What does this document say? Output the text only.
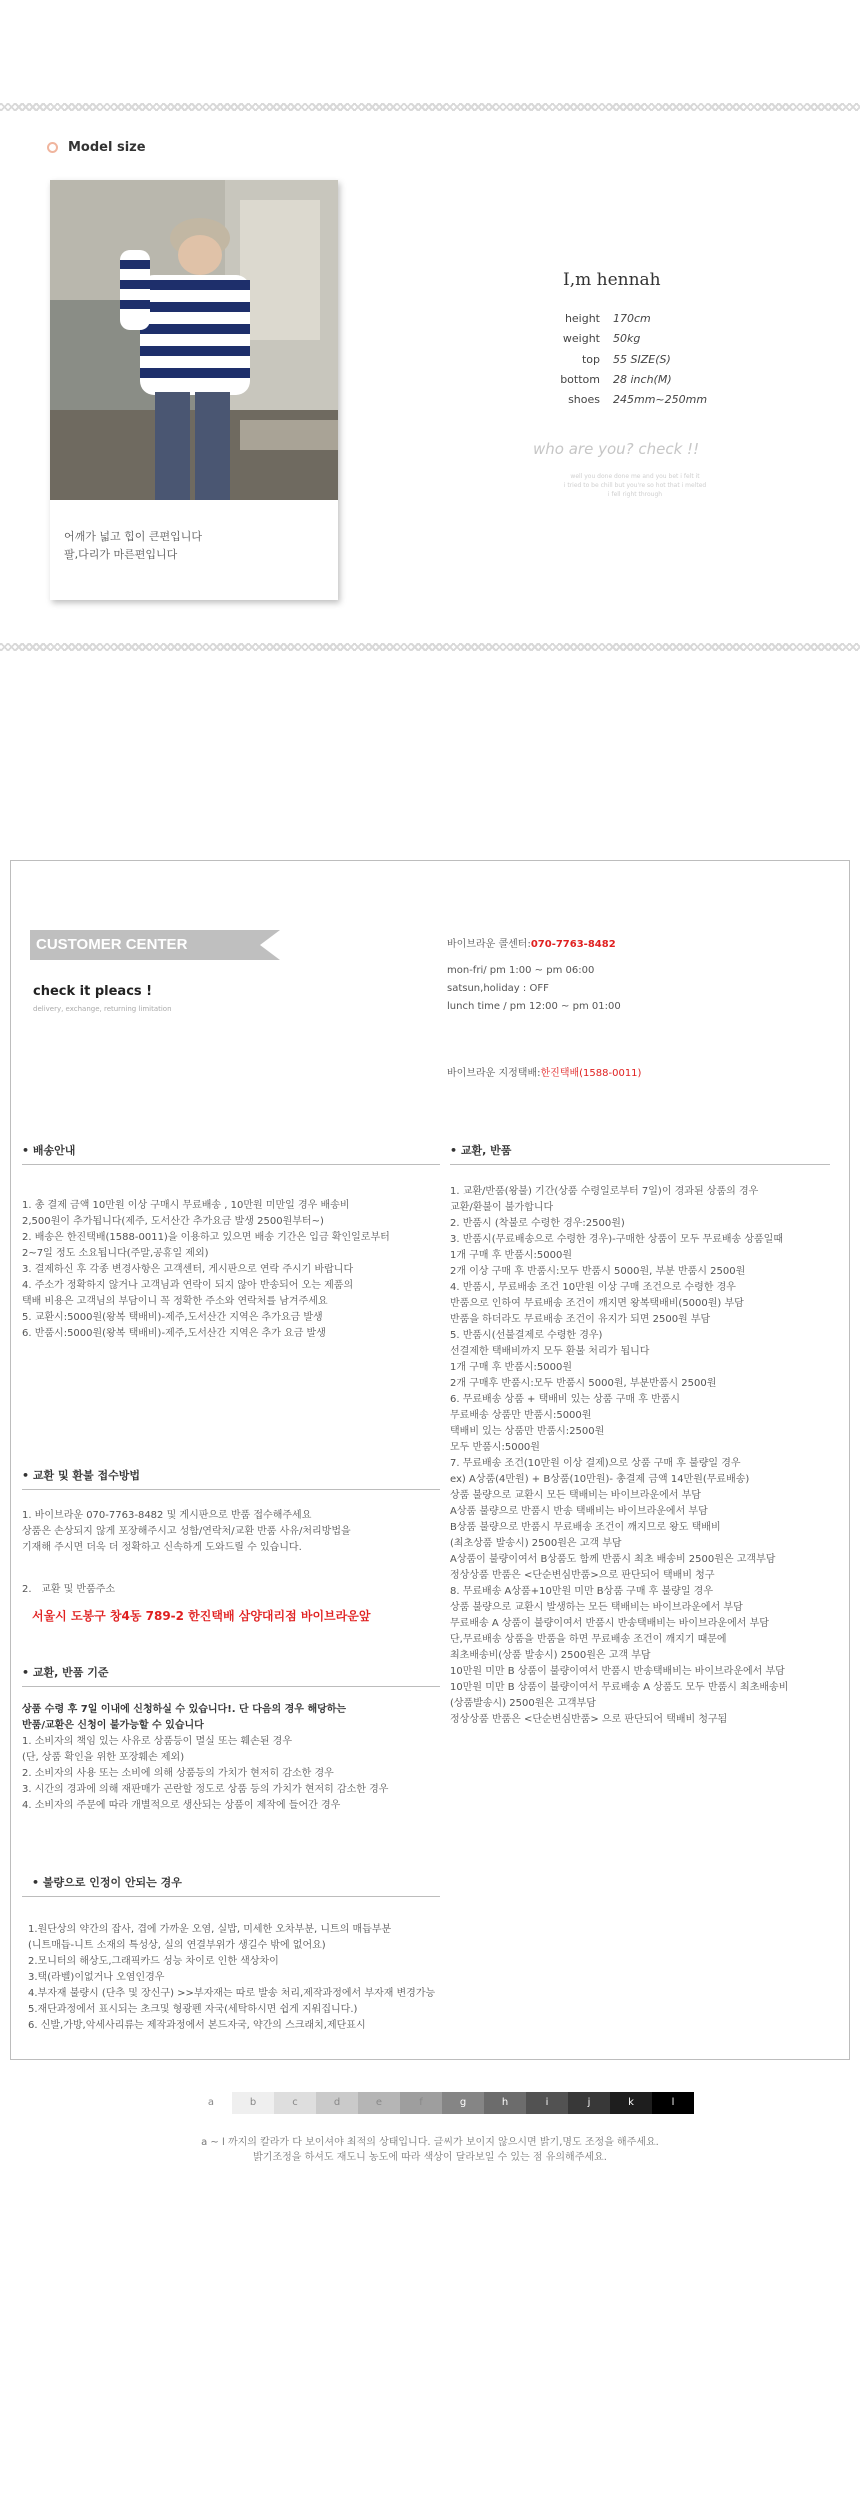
Model size
어깨가 넓고 힙이 큰편입니다
팔,다리가 마른편입니다
I,m hennah
height 170cm
weight 50kg
top 55 SIZE(S)
bottom 28 inch(M)
shoes 245mm~250mm
who are you? check !!
well you done done me and you bet i felt it
i tried to be chill but you're so hot that i melted
i fell right through
CUSTOMER CENTER
check it pleacs !
delivery, exchange, returning limitation
바이브라운 콜센터:070-7763-8482
mon-fri/ pm 1:00 ~ pm 06:00
satsun,holiday : OFF
lunch time / pm 12:00 ~ pm 01:00
바이브라운 지정택배:한진택배(1588-0011)
• 배송안내
1. 총 결제 금액 10만원 이상 구매시 무료배송 , 10만원 미만일 경우 배송비
2,500원이 추가됩니다(제주, 도서산간 추가요금 발생 2500원부터~)
2. 배송은 한진택배(1588-0011)을 이용하고 있으면 배송 기간은 입금 확인일로부터
2~7일 정도 소요됩니다(주말,공휴일 제외)
3. 결제하신 후 각종 변경사항은 고객센터, 게시판으로 연락 주시기 바랍니다
4. 주소가 정확하지 않거나 고객님과 연락이 되지 않아 반송되어 오는 제품의
택배 비용은 고객님의 부담이니 꼭 정확한 주소와 연락처를 남겨주세요
5. 교환시:5000원(왕복 택배비)-제주,도서산간 지역은 추가요금 발생
6. 반품시:5000원(왕복 택배비)-제주,도서산간 지역은 추가 요금 발생
• 교환 및 환불 접수방법
1. 바이브라운 070-7763-8482 및 게시판으로 반품 접수해주세요
상품은 손상되지 않게 포장해주시고 성함/연락처/교환 반품 사유/처리방법을
기재해 주시면 더욱 더 정확하고 신속하게 도와드릴 수 있습니다.
2. 교환 및 반품주소
서울시 도봉구 창4동 789-2 한진택배 삼양대리점 바이브라운앞
• 교환, 반품 기준
상품 수령 후 7일 이내에 신청하실 수 있습니다!. 단 다음의 경우 해당하는
반품/교환은 신청이 불가능할 수 있습니다
1. 소비자의 책임 있는 사유로 상품등이 멸실 또는 훼손된 경우
(단, 상품 확인을 위한 포장훼손 제외)
2. 소비자의 사용 또는 소비에 의해 상품등의 가치가 현저히 감소한 경우
3. 시간의 경과에 의해 재판매가 곤란할 정도로 상품 등의 가치가 현저히 감소한 경우
4. 소비자의 주문에 따라 개별적으로 생산되는 상품이 제작에 들어간 경우
• 불량으로 인정이 안되는 경우
1.원단상의 약간의 잡사, 겹에 가까운 오염, 실밥, 미세한 오차부분, 니트의 매듭부분
(니트매듭-니트 소재의 특성상, 실의 연결부위가 생길수 밖에 없어요)
2.모니터의 해상도,그래픽카드 성능 차이로 인한 색상차이
3.택(라벨)이없거나 오염인경우
4.부자재 불량시 (단추 및 장신구) >>부자재는 따로 발송 처리,제작과정에서 부자재 변경가능
5.재단과정에서 표시되는 초크및 형광펜 자국(세탁하시면 쉽게 지워집니다.)
6. 신발,가방,악세사리류는 제작과정에서 본드자국, 약간의 스크래치,제단표시
• 교환, 반품
1. 교환/반품(왕불) 기간(상품 수령일로부터 7일)이 경과된 상품의 경우
교환/환불이 불가합니다
2. 반품시 (착불로 수령한 경우:2500원)
3. 반품시(무료배송으로 수령한 경우)-구매한 상품이 모두 무료배송 상품일때
1개 구매 후 반품시:5000원
2개 이상 구매 후 반품시:모두 반품시 5000원, 부분 반품시 2500원
4. 반품시, 무료배송 조건 10만원 이상 구매 조건으로 수령한 경우
반품으로 인하여 무료배송 조건이 깨지면 왕복택배비(5000원) 부담
반품을 하더라도 무료배송 조건이 유지가 되면 2500원 부담
5. 반품시(선불결제로 수령한 경우)
선결제한 택배비까지 모두 환불 처리가 됩니다
1개 구매 후 반품시:5000원
2개 구매후 반품시:모두 반품시 5000원, 부분반품시 2500원
6. 무료배송 상품 + 택배비 있는 상품 구매 후 반품시
무료배송 상품만 반품시:5000원
택배비 있는 상품만 반품시:2500원
모두 반품시:5000원
7. 무료배송 조건(10만원 이상 결제)으로 상품 구매 후 불량일 경우
ex) A상품(4만원) + B상품(10만원)- 총결제 금액 14만원(무료배송)
상품 불량으로 교환시 모든 택배비는 바이브라운에서 부담
A상품 불량으로 반품시 반송 택배비는 바이브라운에서 부담
B상품 불량으로 반품시 무료배송 조건이 깨지므로 왕도 택배비
(최초상품 발송시) 2500원은 고객 부담
A상품이 불량이여서 B상품도 함께 반품시 최초 배송비 2500원은 고객부담
정상상품 반품은 <단순변심반품>으로 판단되어 택배비 청구
8. 무료배송 A상품+10만원 미만 B상품 구매 후 불량일 경우
상품 불량으로 교환시 발생하는 모든 택배비는 바이브라운에서 부담
무료배송 A 상품이 불량이여서 반품시 반송택배비는 바이브라운에서 부담
단,무료배송 상품을 반품을 하면 무료배송 조건이 깨지기 때문에
최초배송비(상품 발송시) 2500원은 고객 부담
10만원 미만 B 상품이 불량이여서 반품시 반송택배비는 바이브라운에서 부담
10만원 미만 B 상품이 불량이여서 무료배송 A 상품도 모두 반품시 최초배송비
(상품발송시) 2500원은 고객부담
정상상품 반품은 <단순변심반품> 으로 판단되어 택배비 청구됨
a	b	c	d	e	f	g	h	i	j	k	l
a ~ l 까지의 칼라가 다 보이셔야 최적의 상태입니다. 글씨가 보이지 않으시면 밝기,명도 조정을 해주세요.
밝기조정을 하셔도 재도니 농도에 따라 색상이 달라보일 수 있는 점 유의해주세요.
